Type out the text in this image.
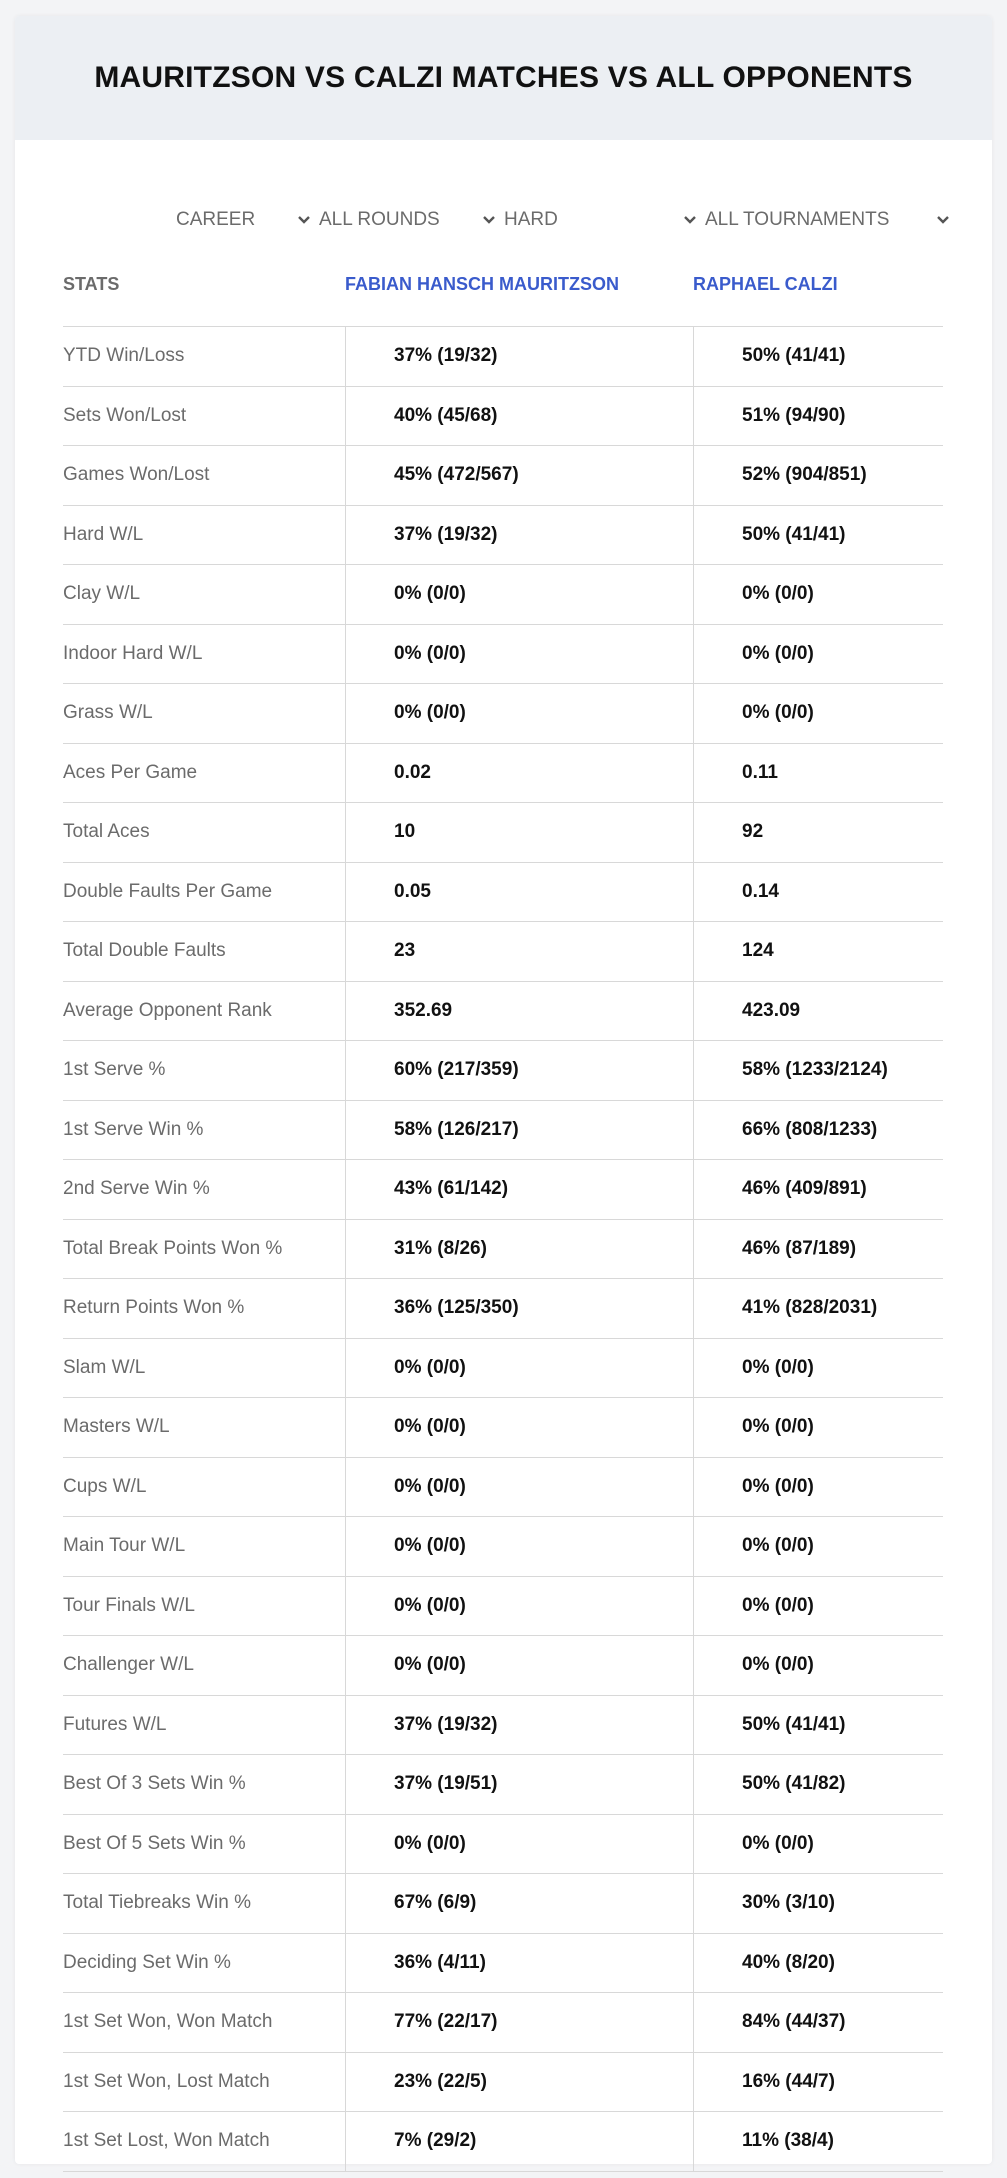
MAURITZSON VS CALZI MATCHES VS ALL OPPONENTS
CAREER	ALL ROUNDS	HARD	ALL TOURNAMENTS
STATS	FABIAN HANSCH MAURITZSON	RAPHAEL CALZI
YTD Win/Loss	37% (19/32)	50% (41/41)
Sets Won/Lost	40% (45/68)	51% (94/90)
Games Won/Lost	45% (472/567)	52% (904/851)
Hard W/L	37% (19/32)	50% (41/41)
Clay W/L	0% (0/0)	0% (0/0)
Indoor Hard W/L	0% (0/0)	0% (0/0)
Grass W/L	0% (0/0)	0% (0/0)
Aces Per Game	0.02	0.11
Total Aces	10	92
Double Faults Per Game	0.05	0.14
Total Double Faults	23	124
Average Opponent Rank	352.69	423.09
1st Serve %	60% (217/359)	58% (1233/2124)
1st Serve Win %	58% (126/217)	66% (808/1233)
2nd Serve Win %	43% (61/142)	46% (409/891)
Total Break Points Won %	31% (8/26)	46% (87/189)
Return Points Won %	36% (125/350)	41% (828/2031)
Slam W/L	0% (0/0)	0% (0/0)
Masters W/L	0% (0/0)	0% (0/0)
Cups W/L	0% (0/0)	0% (0/0)
Main Tour W/L	0% (0/0)	0% (0/0)
Tour Finals W/L	0% (0/0)	0% (0/0)
Challenger W/L	0% (0/0)	0% (0/0)
Futures W/L	37% (19/32)	50% (41/41)
Best Of 3 Sets Win %	37% (19/51)	50% (41/82)
Best Of 5 Sets Win %	0% (0/0)	0% (0/0)
Total Tiebreaks Win %	67% (6/9)	30% (3/10)
Deciding Set Win %	36% (4/11)	40% (8/20)
1st Set Won, Won Match	77% (22/17)	84% (44/37)
1st Set Won, Lost Match	23% (22/5)	16% (44/7)
1st Set Lost, Won Match	7% (29/2)	11% (38/4)
